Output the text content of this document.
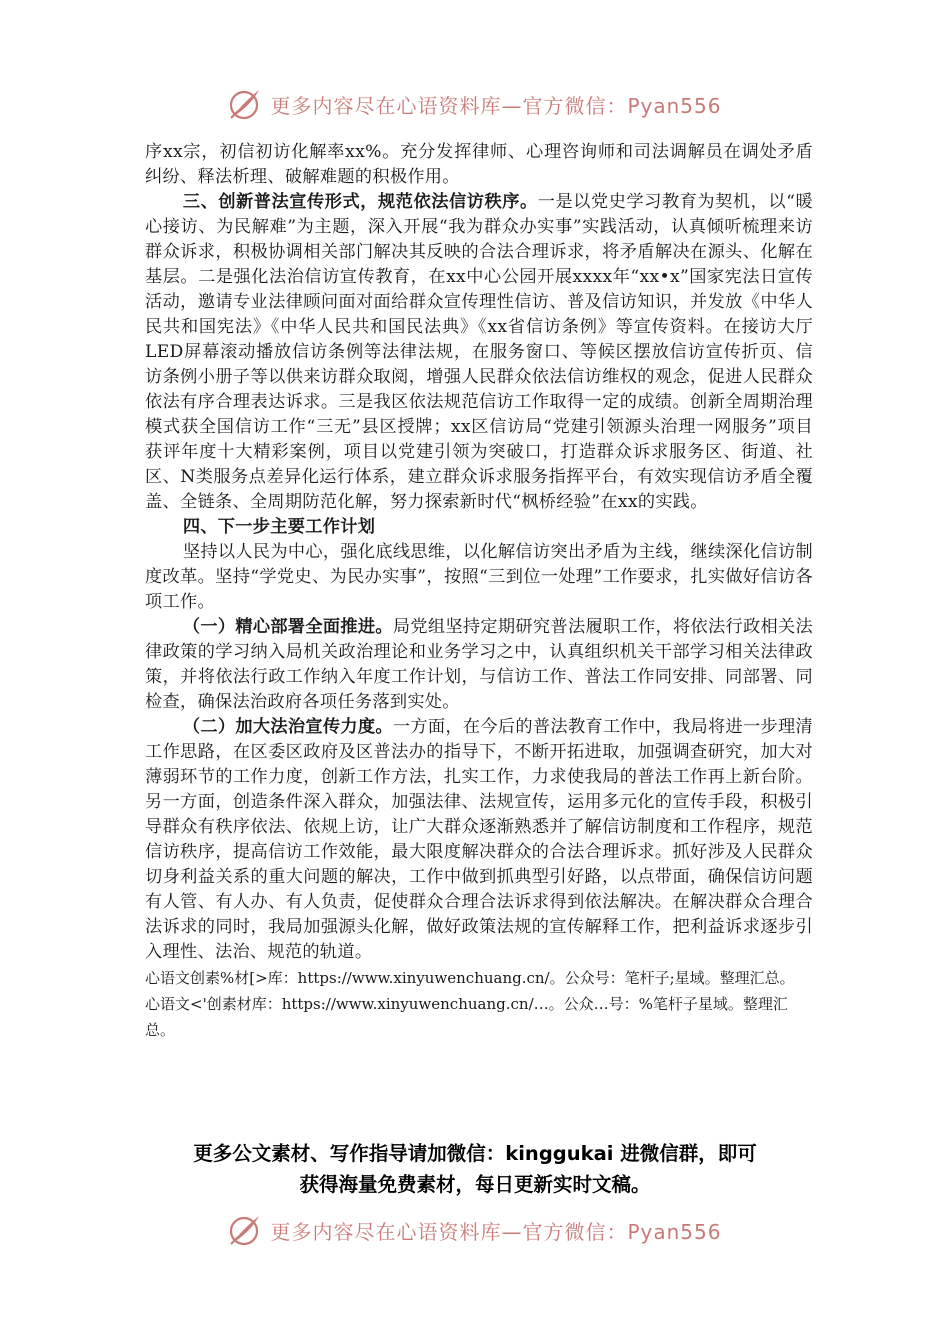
更多内容尽在心语资料库—官方微信：Pyan556

序xx宗，初信初访化解率xx%。充分发挥律师、心理咨询师和司法调解员在调处矛盾纠纷、释法析理、破解难题的积极作用。

三、创新普法宣传形式，规范依法信访秩序。一是以党史学习教育为契机，以“暖心接访、为民解难”为主题，深入开展“我为群众办实事”实践活动，认真倾听梳理来访群众诉求，积极协调相关部门解决其反映的合法合理诉求，将矛盾解决在源头、化解在基层。二是强化法治信访宣传教育，在xx中心公园开展xxxx年“xx•x”国家宪法日宣传活动，邀请专业法律顾问面对面给群众宣传理性信访、普及信访知识，并发放《中华人民共和国宪法》《中华人民共和国民法典》《xx省信访条例》等宣传资料。在接访大厅LED屏幕滚动播放信访条例等法律法规，在服务窗口、等候区摆放信访宣传折页、信访条例小册子等以供来访群众取阅，增强人民群众依法信访维权的观念，促进人民群众依法有序合理表达诉求。三是我区依法规范信访工作取得一定的成绩。创新全周期治理模式获全国信访工作“三无”县区授牌；xx区信访局“党建引领源头治理一网服务”项目获评年度十大精彩案例，项目以党建引领为突破口，打造群众诉求服务区、街道、社区、N类服务点差异化运行体系，建立群众诉求服务指挥平台，有效实现信访矛盾全覆盖、全链条、全周期防范化解，努力探索新时代“枫桥经验”在xx的实践。

四、下一步主要工作计划

坚持以人民为中心，强化底线思维，以化解信访突出矛盾为主线，继续深化信访制度改革。坚持“学党史、为民办实事”，按照“三到位一处理”工作要求，扎实做好信访各项工作。

（一）精心部署全面推进。局党组坚持定期研究普法履职工作，将依法行政相关法律政策的学习纳入局机关政治理论和业务学习之中，认真组织机关干部学习相关法律政策，并将依法行政工作纳入年度工作计划，与信访工作、普法工作同安排、同部署、同检查，确保法治政府各项任务落到实处。

（二）加大法治宣传力度。一方面，在今后的普法教育工作中，我局将进一步理清工作思路，在区委区政府及区普法办的指导下，不断开拓进取，加强调查研究，加大对薄弱环节的工作力度，创新工作方法，扎实工作，力求使我局的普法工作再上新台阶。另一方面，创造条件深入群众，加强法律、法规宣传，运用多元化的宣传手段，积极引导群众有秩序依法、依规上访，让广大群众逐渐熟悉并了解信访制度和工作程序，规范信访秩序，提高信访工作效能，最大限度解决群众的合法合理诉求。抓好涉及人民群众切身利益关系的重大问题的解决，工作中做到抓典型引好路，以点带面，确保信访问题有人管、有人办、有人负责，促使群众合理合法诉求得到依法解决。在解决群众合理合法诉求的同时，我局加强源头化解，做好政策法规的宣传解释工作，把利益诉求逐步引入理性、法治、规范的轨道。

心语文创素%材[>库：https://www.xinyuwenchuang.cn/。公众号：笔杆子;星域。整理汇总。

心语文<'创素材库：https://www.xinyuwenchuang.cn/…。公众…号：%笔杆子星域。整理汇总。

更多公文素材、写作指导请加微信：kinggukai 进微信群，即可
获得海量免费素材，每日更新实时文稿。
更多内容尽在心语资料库—官方微信：Pyan556
